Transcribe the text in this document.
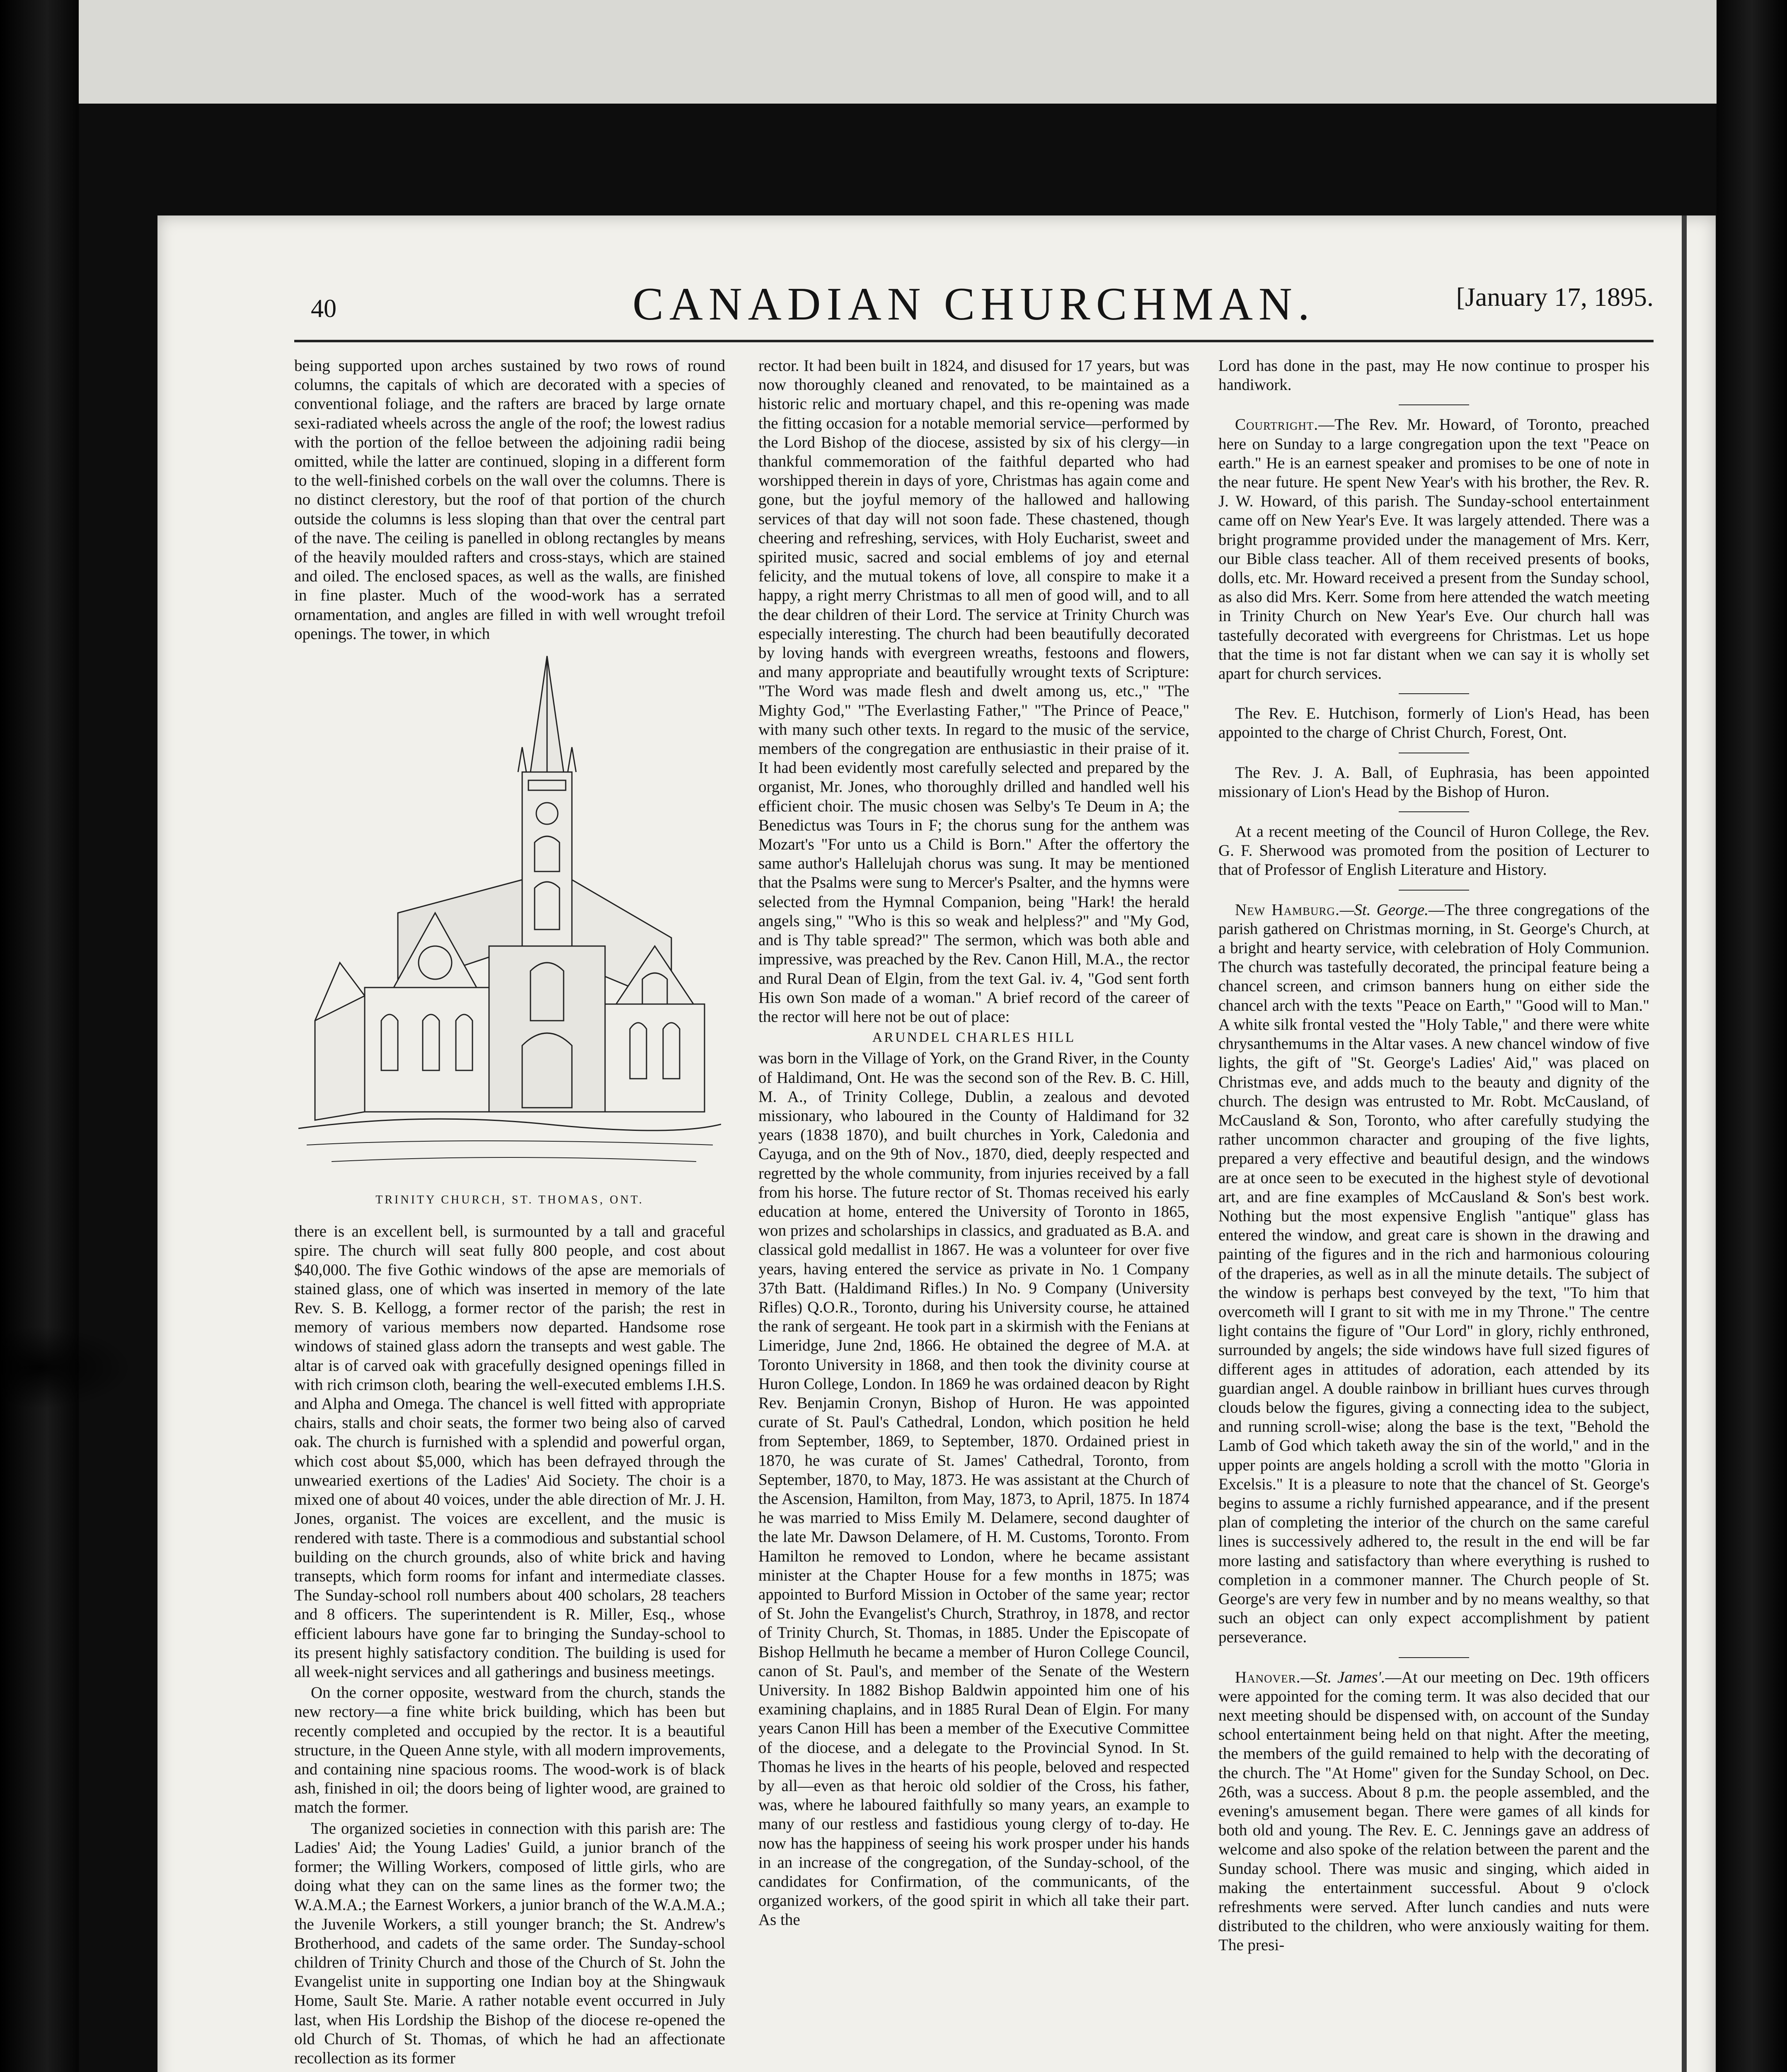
40	CANADIAN CHURCHMAN.	[January 17, 1895.

being supported upon arches sustained by two rows of round columns, the capitals of which are decorated with a species of conventional foliage, and the rafters are braced by large ornate sexi-radiated wheels across the angle of the roof; the lowest radius with the portion of the felloe between the adjoining radii being omitted, while the latter are continued, sloping in a different form to the well-finished corbels on the wall over the columns. There is no distinct clerestory, but the roof of that portion of the church outside the columns is less sloping than that over the central part of the nave. The ceiling is panelled in oblong rectangles by means of the heavily moulded rafters and cross-stays, which are stained and oiled. The enclosed spaces, as well as the walls, are finished in fine plaster. Much of the wood-work has a serrated ornamentation, and angles are filled in with well wrought trefoil openings. The tower, in which

TRINITY CHURCH, ST. THOMAS, ONT.

there is an excellent bell, is surmounted by a tall and graceful spire. The church will seat fully 800 people, and cost about $40,000. The five Gothic windows of the apse are memorials of stained glass, one of which was inserted in memory of the late Rev. S. B. Kellogg, a former rector of the parish; the rest in memory of various members now departed. Handsome rose windows of stained glass adorn the transepts and west gable. The altar is of carved oak with gracefully designed openings filled in with rich crimson cloth, bearing the well-executed emblems I.H.S. and Alpha and Omega. The chancel is well fitted with appropriate chairs, stalls and choir seats, the former two being also of carved oak. The church is furnished with a splendid and powerful organ, which cost about $5,000, which has been defrayed through the unwearied exertions of the Ladies' Aid Society. The choir is a mixed one of about 40 voices, under the able direction of Mr. J. H. Jones, organist. The voices are excellent, and the music is rendered with taste. There is a commodious and substantial school building on the church grounds, also of white brick and having transepts, which form rooms for infant and intermediate classes. The Sunday-school roll numbers about 400 scholars, 28 teachers and 8 officers. The superintendent is R. Miller, Esq., whose efficient labours have gone far to bringing the Sunday-school to its present highly satisfactory condition. The building is used for all week-night services and all gatherings and business meetings.

On the corner opposite, westward from the church, stands the new rectory—a fine white brick building, which has been but recently completed and occupied by the rector. It is a beautiful structure, in the Queen Anne style, with all modern improvements, and containing nine spacious rooms. The wood-work is of black ash, finished in oil; the doors being of lighter wood, are grained to match the former.

The organized societies in connection with this parish are: The Ladies' Aid; the Young Ladies' Guild, a junior branch of the former; the Willing Workers, composed of little girls, who are doing what they can on the same lines as the former two; the W.A.M.A.; the Earnest Workers, a junior branch of the W.A.M.A.; the Juvenile Workers, a still younger branch; the St. Andrew's Brotherhood, and cadets of the same order. The Sunday-school children of Trinity Church and those of the Church of St. John the Evangelist unite in supporting one Indian boy at the Shingwauk Home, Sault Ste. Marie. A rather notable event occurred in July last, when His Lordship the Bishop of the diocese re-opened the old Church of St. Thomas, of which he had an affectionate recollection as its former

rector. It had been built in 1824, and disused for 17 years, but was now thoroughly cleaned and renovated, to be maintained as a historic relic and mortuary chapel, and this re-opening was made the fitting occasion for a notable memorial service—performed by the Lord Bishop of the diocese, assisted by six of his clergy—in thankful commemoration of the faithful departed who had worshipped therein in days of yore, Christmas has again come and gone, but the joyful memory of the hallowed and hallowing services of that day will not soon fade. These chastened, though cheering and refreshing, services, with Holy Eucharist, sweet and spirited music, sacred and social emblems of joy and eternal felicity, and the mutual tokens of love, all conspire to make it a happy, a right merry Christmas to all men of good will, and to all the dear children of their Lord. The service at Trinity Church was especially interesting. The church had been beautifully decorated by loving hands with evergreen wreaths, festoons and flowers, and many appropriate and beautifully wrought texts of Scripture: "The Word was made flesh and dwelt among us, etc.," "The Mighty God," "The Everlasting Father," "The Prince of Peace," with many such other texts. In regard to the music of the service, members of the congregation are enthusiastic in their praise of it. It had been evidently most carefully selected and prepared by the organist, Mr. Jones, who thoroughly drilled and handled well his efficient choir. The music chosen was Selby's Te Deum in A; the Benedictus was Tours in F; the chorus sung for the anthem was Mozart's "For unto us a Child is Born." After the offertory the same author's Hallelujah chorus was sung. It may be mentioned that the Psalms were sung to Mercer's Psalter, and the hymns were selected from the Hymnal Companion, being "Hark! the herald angels sing," "Who is this so weak and helpless?" and "My God, and is Thy table spread?" The sermon, which was both able and impressive, was preached by the Rev. Canon Hill, M.A., the rector and Rural Dean of Elgin, from the text Gal. iv. 4, "God sent forth His own Son made of a woman." A brief record of the career of the rector will here not be out of place:

ARUNDEL CHARLES HILL

was born in the Village of York, on the Grand River, in the County of Haldimand, Ont. He was the second son of the Rev. B. C. Hill, M. A., of Trinity College, Dublin, a zealous and devoted missionary, who laboured in the County of Haldimand for 32 years (1838 1870), and built churches in York, Caledonia and Cayuga, and on the 9th of Nov., 1870, died, deeply respected and regretted by the whole community, from injuries received by a fall from his horse. The future rector of St. Thomas received his early education at home, entered the University of Toronto in 1865, won prizes and scholarships in classics, and graduated as B.A. and classical gold medallist in 1867. He was a volunteer for over five years, having entered the service as private in No. 1 Company 37th Batt. (Haldimand Rifles.) In No. 9 Company (University Rifles) Q.O.R., Toronto, during his University course, he attained the rank of sergeant. He took part in a skirmish with the Fenians at Limeridge, June 2nd, 1866. He obtained the degree of M.A. at Toronto University in 1868, and then took the divinity course at Huron College, London. In 1869 he was ordained deacon by Right Rev. Benjamin Cronyn, Bishop of Huron. He was appointed curate of St. Paul's Cathedral, London, which position he held from September, 1869, to September, 1870. Ordained priest in 1870, he was curate of St. James' Cathedral, Toronto, from September, 1870, to May, 1873. He was assistant at the Church of the Ascension, Hamilton, from May, 1873, to April, 1875. In 1874 he was married to Miss Emily M. Delamere, second daughter of the late Mr. Dawson Delamere, of H. M. Customs, Toronto. From Hamilton he removed to London, where he became assistant minister at the Chapter House for a few months in 1875; was appointed to Burford Mission in October of the same year; rector of St. John the Evangelist's Church, Strathroy, in 1878, and rector of Trinity Church, St. Thomas, in 1885. Under the Episcopate of Bishop Hellmuth he became a member of Huron College Council, canon of St. Paul's, and member of the Senate of the Western University. In 1882 Bishop Baldwin appointed him one of his examining chaplains, and in 1885 Rural Dean of Elgin. For many years Canon Hill has been a member of the Executive Committee of the diocese, and a delegate to the Provincial Synod. In St. Thomas he lives in the hearts of his people, beloved and respected by all—even as that heroic old soldier of the Cross, his father, was, where he laboured faithfully so many years, an example to many of our restless and fastidious young clergy of to-day. He now has the happiness of seeing his work prosper under his hands in an increase of the congregation, of the Sunday-school, of the candidates for Confirmation, of the communicants, of the organized workers, of the good spirit in which all take their part. As the

Lord has done in the past, may He now continue to prosper his handiwork.

Courtright.—The Rev. Mr. Howard, of Toronto, preached here on Sunday to a large congregation upon the text "Peace on earth." He is an earnest speaker and promises to be one of note in the near future. He spent New Year's with his brother, the Rev. R. J. W. Howard, of this parish. The Sunday-school entertainment came off on New Year's Eve. It was largely attended. There was a bright programme provided under the management of Mrs. Kerr, our Bible class teacher. All of them received presents of books, dolls, etc. Mr. Howard received a present from the Sunday school, as also did Mrs. Kerr. Some from here attended the watch meeting in Trinity Church on New Year's Eve. Our church hall was tastefully decorated with evergreens for Christmas. Let us hope that the time is not far distant when we can say it is wholly set apart for church services.

The Rev. E. Hutchison, formerly of Lion's Head, has been appointed to the charge of Christ Church, Forest, Ont.

The Rev. J. A. Ball, of Euphrasia, has been appointed missionary of Lion's Head by the Bishop of Huron.

At a recent meeting of the Council of Huron College, the Rev. G. F. Sherwood was promoted from the position of Lecturer to that of Professor of English Literature and History.

New Hamburg.—St. George.—The three congregations of the parish gathered on Christmas morning, in St. George's Church, at a bright and hearty service, with celebration of Holy Communion. The church was tastefully decorated, the principal feature being a chancel screen, and crimson banners hung on either side the chancel arch with the texts "Peace on Earth," "Good will to Man." A white silk frontal vested the "Holy Table," and there were white chrysanthemums in the Altar vases. A new chancel window of five lights, the gift of "St. George's Ladies' Aid," was placed on Christmas eve, and adds much to the beauty and dignity of the church. The design was entrusted to Mr. Robt. McCausland, of McCausland & Son, Toronto, who after carefully studying the rather uncommon character and grouping of the five lights, prepared a very effective and beautiful design, and the windows are at once seen to be executed in the highest style of devotional art, and are fine examples of McCausland & Son's best work. Nothing but the most expensive English "antique" glass has entered the window, and great care is shown in the drawing and painting of the figures and in the rich and harmonious colouring of the draperies, as well as in all the minute details. The subject of the window is perhaps best conveyed by the text, "To him that overcometh will I grant to sit with me in my Throne." The centre light contains the figure of "Our Lord" in glory, richly enthroned, surrounded by angels; the side windows have full sized figures of different ages in attitudes of adoration, each attended by its guardian angel. A double rainbow in brilliant hues curves through clouds below the figures, giving a connecting idea to the subject, and running scroll-wise; along the base is the text, "Behold the Lamb of God which taketh away the sin of the world," and in the upper points are angels holding a scroll with the motto "Gloria in Excelsis." It is a pleasure to note that the chancel of St. George's begins to assume a richly furnished appearance, and if the present plan of completing the interior of the church on the same careful lines is successively adhered to, the result in the end will be far more lasting and satisfactory than where everything is rushed to completion in a commoner manner. The Church people of St. George's are very few in number and by no means wealthy, so that such an object can only expect accomplishment by patient perseverance.

Hanover.—St. James'.—At our meeting on Dec. 19th officers were appointed for the coming term. It was also decided that our next meeting should be dispensed with, on account of the Sunday school entertainment being held on that night. After the meeting, the members of the guild remained to help with the decorating of the church. The "At Home" given for the Sunday School, on Dec. 26th, was a success. About 8 p.m. the people assembled, and the evening's amusement began. There were games of all kinds for both old and young. The Rev. E. C. Jennings gave an address of welcome and also spoke of the relation between the parent and the Sunday school. There was music and singing, which aided in making the entertainment successful. About 9 o'clock refreshments were served. After lunch candies and nuts were distributed to the children, who were anxiously waiting for them. The presi-
